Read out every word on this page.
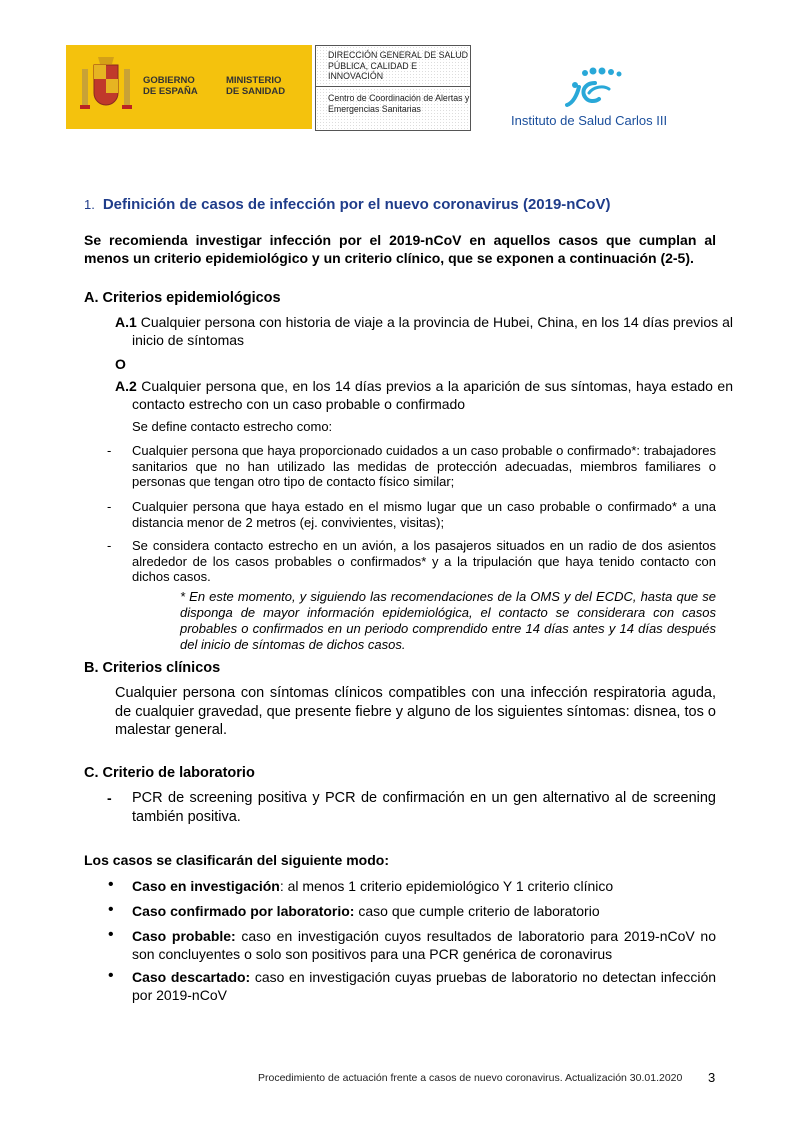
GOBIERNO
DE ESPAÑA
MINISTERIO
DE SANIDAD
DIRECCIÓN GENERAL DE SALUD PÚBLICA, CALIDAD E INNOVACIÓN
Centro de Coordinación de Alertas y Emergencias Sanitarias
Instituto de Salud Carlos III
1. Definición de casos de infección por el nuevo coronavirus (2019-nCoV)
Se recomienda investigar infección por el 2019-nCoV en aquellos casos que cumplan al menos un criterio epidemiológico y un criterio clínico, que se exponen a continuación (2-5).
A. Criterios epidemiológicos
A.1 Cualquier persona con historia de viaje a la provincia de Hubei, China, en los 14 días previos al inicio de síntomas
O
A.2 Cualquier persona que, en los 14 días previos a la aparición de sus síntomas, haya estado en contacto estrecho con un caso probable o confirmado
Se define contacto estrecho como:
- Cualquier persona que haya proporcionado cuidados a un caso probable o confirmado*: trabajadores sanitarios que no han utilizado las medidas de protección adecuadas, miembros familiares o personas que tengan otro tipo de contacto físico similar;
- Cualquier persona que haya estado en el mismo lugar que un caso probable o confirmado* a una distancia menor de 2 metros (ej. convivientes, visitas);
- Se considera contacto estrecho en un avión, a los pasajeros situados en un radio de dos asientos alrededor de los casos probables o confirmados* y a la tripulación que haya tenido contacto con dichos casos.
* En este momento, y siguiendo las recomendaciones de la OMS y del ECDC, hasta que se disponga de mayor información epidemiológica, el contacto se considerara con casos probables o confirmados en un periodo comprendido entre 14 días antes y 14 días después del inicio de síntomas de dichos casos.
B. Criterios clínicos
Cualquier persona con síntomas clínicos compatibles con una infección respiratoria aguda, de cualquier gravedad, que presente fiebre y alguno de los siguientes síntomas: disnea, tos o malestar general.
C. Criterio de laboratorio
- PCR de screening positiva y PCR de confirmación en un gen alternativo al de screening también positiva.
Los casos se clasificarán del siguiente modo:
• Caso en investigación: al menos 1 criterio epidemiológico Y 1 criterio clínico
• Caso confirmado por laboratorio: caso que cumple criterio de laboratorio
• Caso probable: caso en investigación cuyos resultados de laboratorio para 2019-nCoV no son concluyentes o solo son positivos para una PCR genérica de coronavirus
• Caso descartado: caso en investigación cuyas pruebas de laboratorio no detectan infección por 2019-nCoV
Procedimiento de actuación frente a casos de nuevo coronavirus. Actualización 30.01.2020 3
